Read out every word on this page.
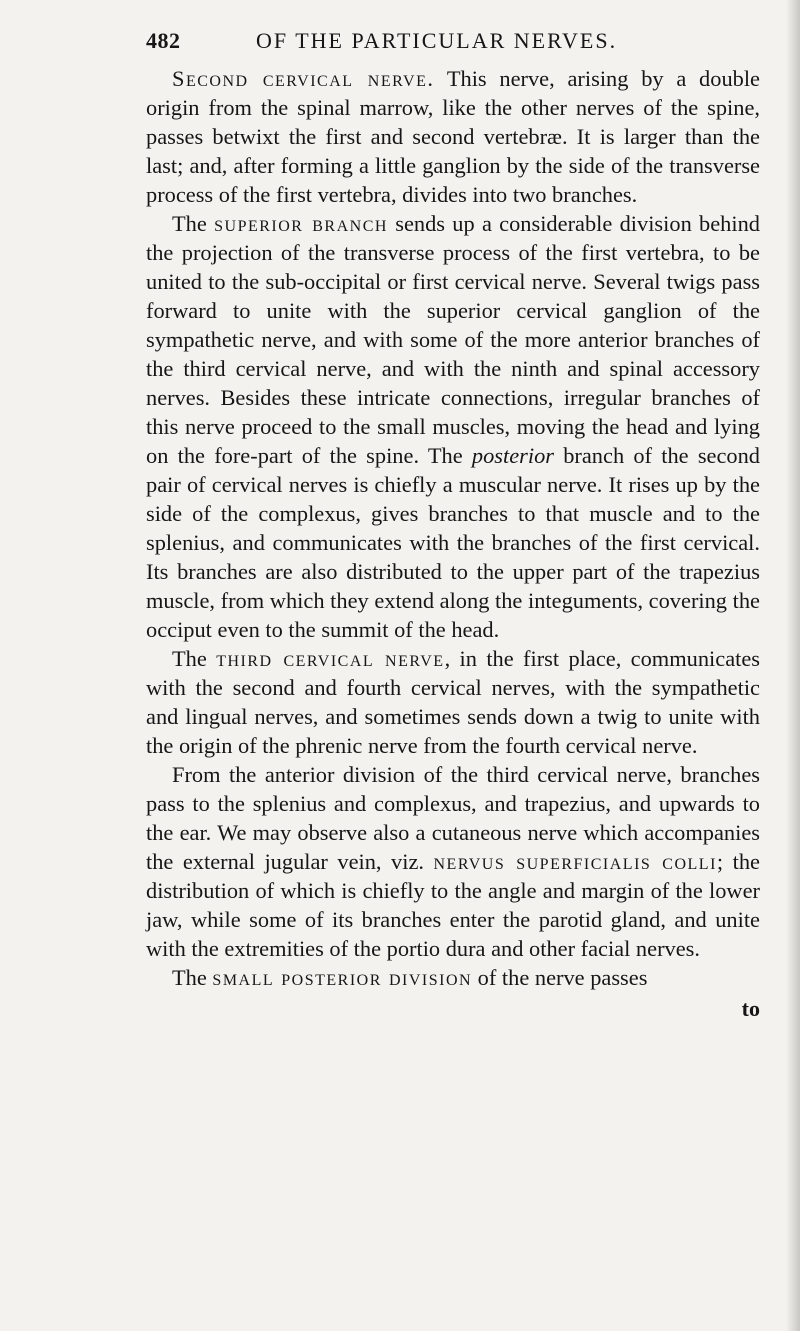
482	OF THE PARTICULAR NERVES.

Second cervical nerve. This nerve, arising by a double origin from the spinal marrow, like the other nerves of the spine, passes betwixt the first and second vertebræ. It is larger than the last; and, after forming a little ganglion by the side of the transverse process of the first vertebra, divides into two branches.

The superior branch sends up a considerable division behind the projection of the transverse process of the first vertebra, to be united to the sub-occipital or first cervical nerve. Several twigs pass forward to unite with the superior cervical ganglion of the sympathetic nerve, and with some of the more anterior branches of the third cervical nerve, and with the ninth and spinal accessory nerves. Besides these intricate connections, irregular branches of this nerve proceed to the small muscles, moving the head and lying on the fore-part of the spine. The posterior branch of the second pair of cervical nerves is chiefly a muscular nerve. It rises up by the side of the complexus, gives branches to that muscle and to the splenius, and communicates with the branches of the first cervical. Its branches are also distributed to the upper part of the trapezius muscle, from which they extend along the integuments, covering the occiput even to the summit of the head.

The third cervical nerve, in the first place, communicates with the second and fourth cervical nerves, with the sympathetic and lingual nerves, and sometimes sends down a twig to unite with the origin of the phrenic nerve from the fourth cervical nerve.

From the anterior division of the third cervical nerve, branches pass to the splenius and complexus, and trapezius, and upwards to the ear. We may observe also a cutaneous nerve which accompanies the external jugular vein, viz. nervus superficialis colli; the distribution of which is chiefly to the angle and margin of the lower jaw, while some of its branches enter the parotid gland, and unite with the extremities of the portio dura and other facial nerves.

The small posterior division of the nerve passes

to
